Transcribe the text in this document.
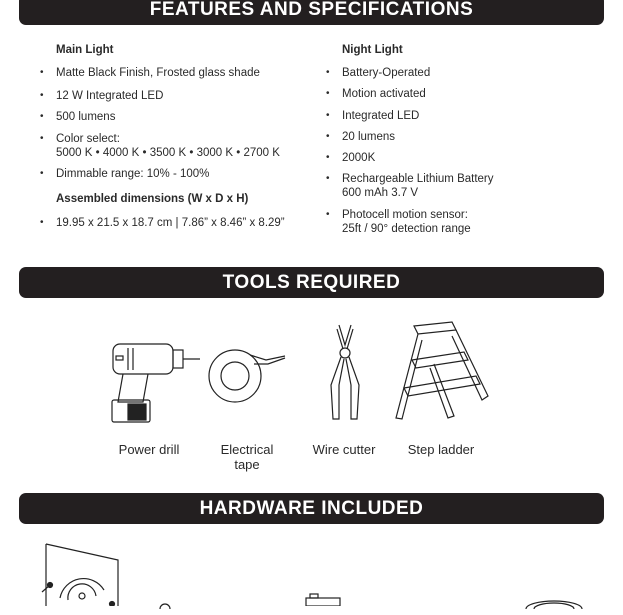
FEATURES AND SPECIFICATIONS
TOOLS REQUIRED
HARDWARE INCLUDED
Main Light
• Matte Black Finish, Frosted glass shade
• 12 W Integrated LED
• 500 lumens
• Color select:
5000 K • 4000 K • 3500 K • 3000 K • 2700 K
• Dimmable range: 10% - 100%
Assembled dimensions (W x D x H)
• 19.95 x 21.5 x 18.7 cm | 7.86” x 8.46” x 8.29”
Night Light
• Battery-Operated
• Motion activated
• Integrated LED
• 20 lumens
• 2000K
• Rechargeable Lithium Battery
600 mAh 3.7 V
• Photocell motion sensor:
25ft / 90° detection range
Power drill	Electrical
tape
Wire cutter	Step ladder
